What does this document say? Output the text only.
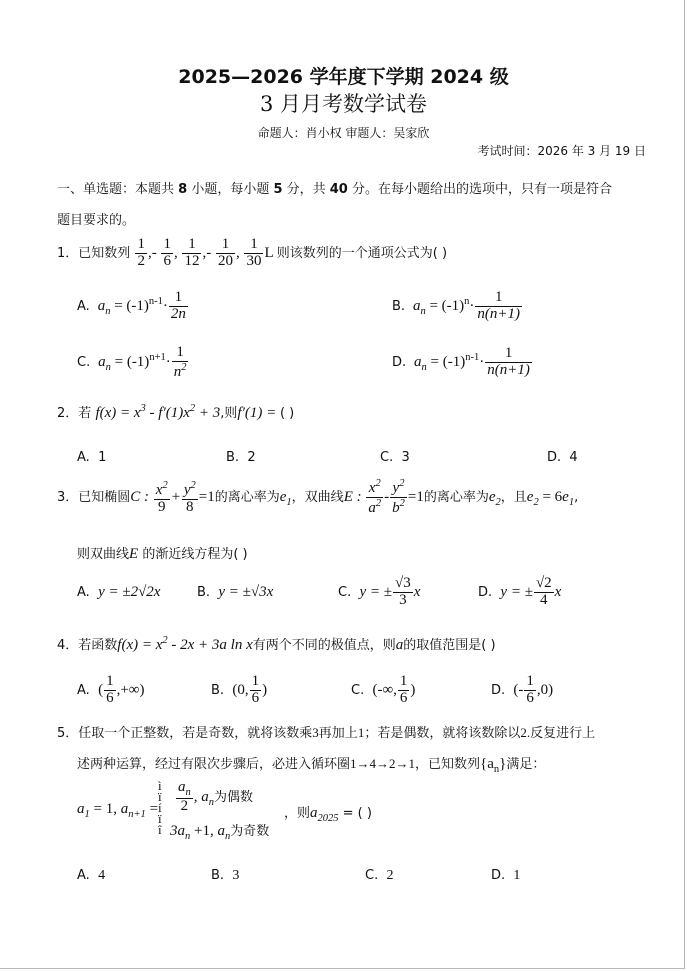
2025—2026 学年度下学期 2024 级
3 月月考数学试卷
命题人：肖小权 审题人：吴家欣
考试时间：2026 年 3 月 19 日
一、单选题：本题共 8 小题，每小题 5 分，共 40 分。在每小题给出的选项中，只有一项是符合
题目要求的。
1．已知数列 $\frac{1}{2}$ ,- $\frac{1}{6}$ , $\frac{1}{12}$ ,- $\frac{1}{20}$ , $\frac{1}{30}$ L 则该数列的一个通项公式为( )
A.  $a_n = (-1)^{n-1}\cdot \frac{1}{2n}$	B.  $a_n = (-1)^n\cdot \frac{1}{n(n+1)}$
C.  $a_n = (-1)^{n+1}\cdot \frac{1}{n^2}$	D.  $a_n = (-1)^{n-1}\cdot \frac{1}{n(n+1)}$
2．若 $f(x) = x^3 - f'(1)x^2 + 3$,则f′(1) = ( )
A. 1	B. 2	C. 3	D. 4
3．已知椭圆C : $\frac{x^2}{9} + \frac{y^2}{8} =1$的离心率为$e_1$，双曲线E : $\frac{x^2}{a^2} - \frac{y^2}{b^2} =1$的离心率为$e_2$，且$e_2 = 6e_1$,
则双曲线E 的渐近线方程为( )
A. y = ±2√2x	B. y = ±√3x	C. y = ± $\frac{√3}{3}$ x	D. y = ± $\frac{√2}{4}$ x
4．若函数$f(x) = x^2 - 2x + 3a$ ln x有两个不同的极值点，则a的取值范围是( )
A. ( $\frac{1}{6}$ ,+∞)	B. (0, $\frac{1}{6}$ )	C. (-∞, $\frac{1}{6}$ )	D. (- $\frac{1}{6} ,0$)
5．任取一个正整数，若是奇数，就将该数乘3再加上1；若是偶数，就将该数除以2.反复进行上
述两种运算，经过有限次步骤后，必进入循环圈1→4→2→1，已知数列$\{a_n\}$满足：
$a_1 = 1$, $a_{n+1}$ =
ì
ï
í
ï
î
$\frac{a_n}{2}$ , $a_n$为偶数
$3a_n +1$, $a_n$为奇数
，则$a_{2025}$ = ( )
A. 4	B. 3	C. 2	D. 1
